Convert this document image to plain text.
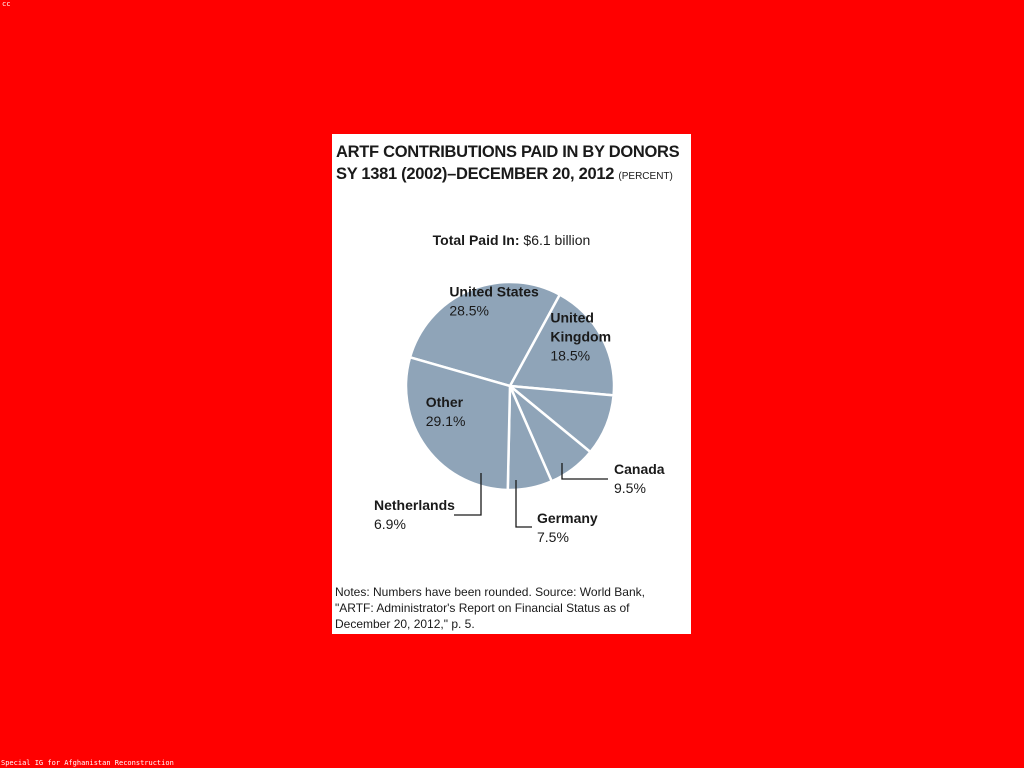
cc
ARTF CONTRIBUTIONS PAID IN BY DONORS
SY 1381 (2002)–DECEMBER 20, 2012 (PERCENT)
Total Paid In: $6.1 billion
United States 28.5%	United Kingdom 18.5%
Canada 9.5%
Germany 7.5%
Netherlands 6.9%
Other 29.1%
Notes: Numbers have been rounded. Source: World Bank, "ARTF: Administrator's Report on Financial Status as of December 20, 2012," p. 5.
Special IG for Afghanistan Reconstruction
